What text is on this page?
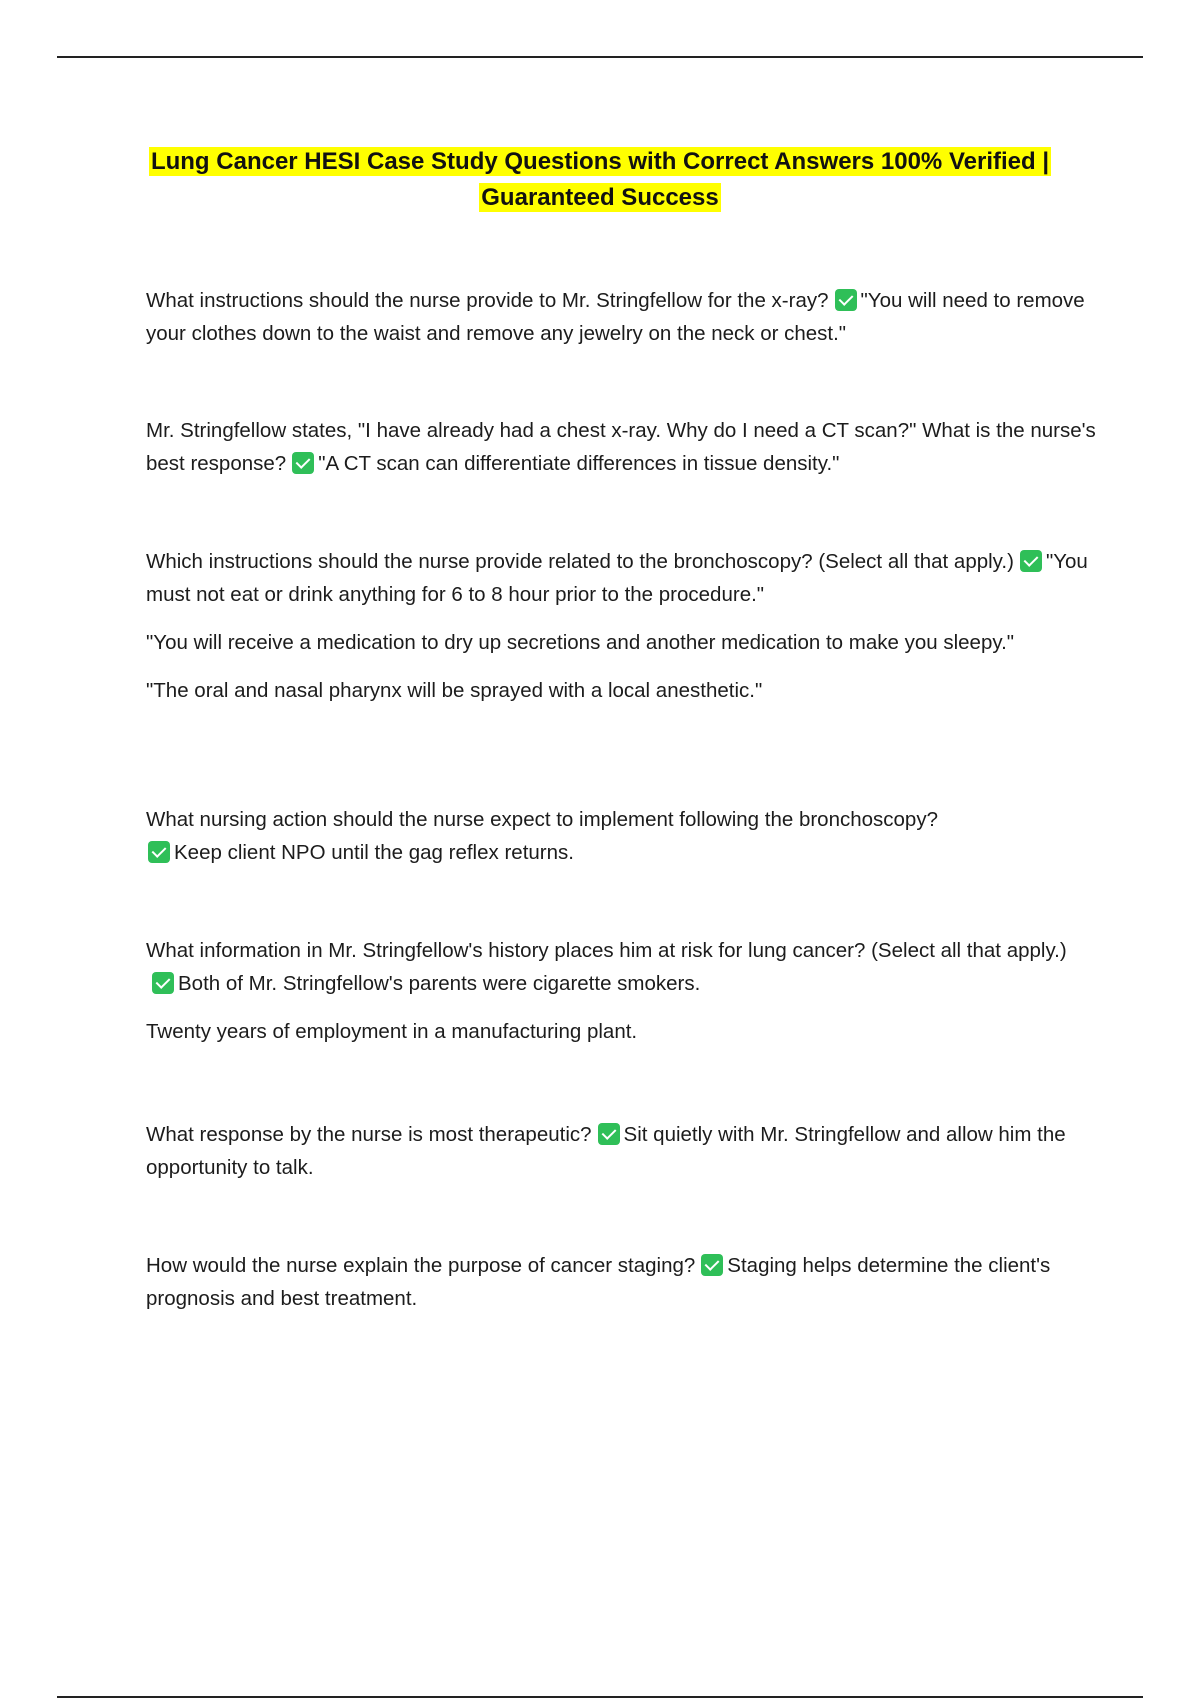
Lung Cancer HESI Case Study Questions with Correct Answers 100% Verified |
Guaranteed Success

What instructions should the nurse provide to Mr. Stringfellow for the x-ray? "You will need to remove your clothes down to the waist and remove any jewelry on the neck or chest."

Mr. Stringfellow states, "I have already had a chest x-ray. Why do I need a CT scan?" What is the nurse's best response? "A CT scan can differentiate differences in tissue density."

Which instructions should the nurse provide related to the bronchoscopy? (Select all that apply.) "You must not eat or drink anything for 6 to 8 hour prior to the procedure."

"You will receive a medication to dry up secretions and another medication to make you sleepy."

"The oral and nasal pharynx will be sprayed with a local anesthetic."

What nursing action should the nurse expect to implement following the bronchoscopy?
Keep client NPO until the gag reflex returns.

What information in Mr. Stringfellow's history places him at risk for lung cancer? (Select all that apply.)Both of Mr. Stringfellow's parents were cigarette smokers.

Twenty years of employment in a manufacturing plant.

What response by the nurse is most therapeutic? Sit quietly with Mr. Stringfellow and allow him the opportunity to talk.

How would the nurse explain the purpose of cancer staging? Staging helps determine the client's prognosis and best treatment.
